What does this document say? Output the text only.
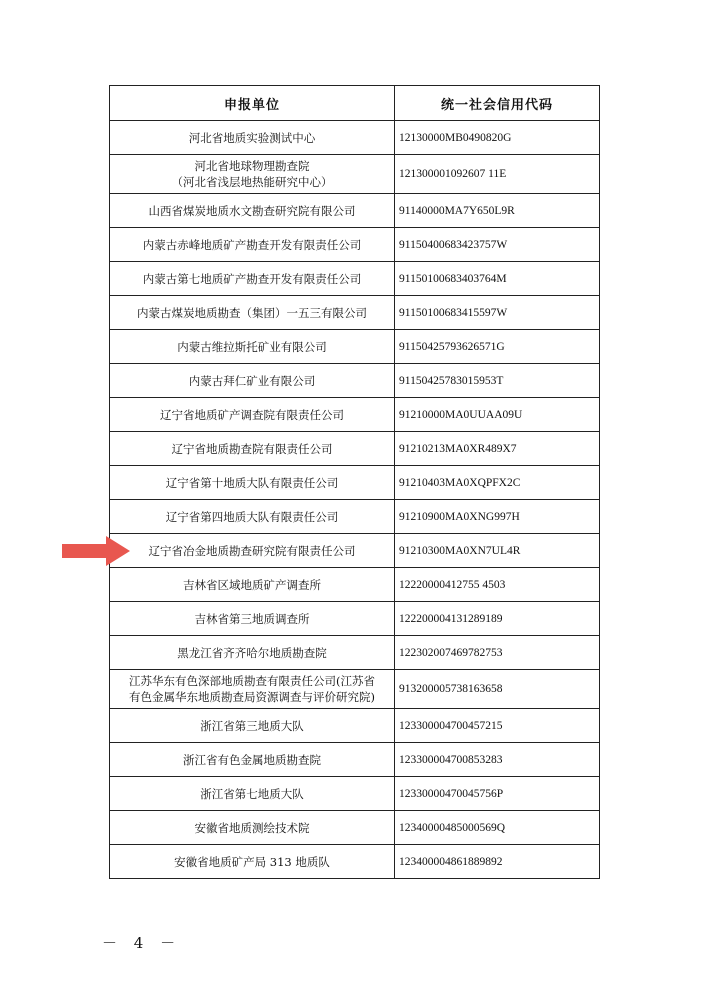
申报单位	统一社会信用代码
河北省地质实验测试中心	12130000MB0490820G
河北省地球物理勘查院
（河北省浅层地热能研究中心）	121300001092607 11E
山西省煤炭地质水文勘查研究院有限公司	91140000MA7Y650L9R
内蒙古赤峰地质矿产勘查开发有限责任公司	91150400683423757W
内蒙古第七地质矿产勘查开发有限责任公司	91150100683403764M
内蒙古煤炭地质勘查（集团）一五三有限公司	91150100683415597W
内蒙古维拉斯托矿业有限公司	91150425793626571G
内蒙古拜仁矿业有限公司	91150425783015953T
辽宁省地质矿产调查院有限责任公司	91210000MA0UUAA09U
辽宁省地质勘查院有限责任公司	91210213MA0XR489X7
辽宁省第十地质大队有限责任公司	91210403MA0XQPFX2C
辽宁省第四地质大队有限责任公司	91210900MA0XNG997H
辽宁省冶金地质勘查研究院有限责任公司	91210300MA0XN7UL4R
吉林省区域地质矿产调查所	12220000412755 4503
吉林省第三地质调查所	122200004131289189
黑龙江省齐齐哈尔地质勘查院	122302007469782753
江苏华东有色深部地质勘查有限责任公司(江苏省
有色金属华东地质勘查局资源调查与评价研究院)	913200005738163658
浙江省第三地质大队	123300004700457215
浙江省有色金属地质勘查院	123300004700853283
浙江省第七地质大队	12330000470045756P
安徽省地质测绘技术院	12340000485000569Q
安徽省地质矿产局 313 地质队	123400004861889892
－ 4 －
